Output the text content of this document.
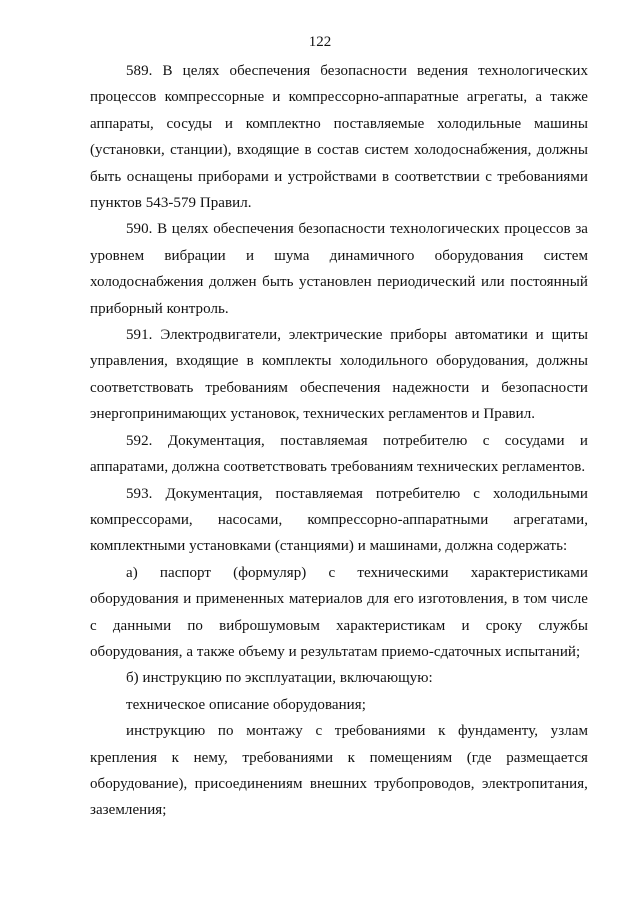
122

589. В целях обеспечения безопасности ведения технологических процессов компрессорные и компрессорно-аппаратные агрегаты, а также аппараты, сосуды и комплектно поставляемые холодильные машины (установки, станции), входящие в состав систем холодоснабжения, должны быть оснащены приборами и устройствами в соответствии с требованиями пунктов 543-579 Правил.

590. В целях обеспечения безопасности технологических процессов за уровнем вибрации и шума динамичного оборудования систем холодоснабжения должен быть установлен периодический или постоянный приборный контроль.

591. Электродвигатели, электрические приборы автоматики и щиты управления, входящие в комплекты холодильного оборудования, должны соответствовать требованиям обеспечения надежности и безопасности энергопринимающих установок, технических регламентов и Правил.

592. Документация, поставляемая потребителю с сосудами и аппаратами, должна соответствовать требованиям технических регламентов.

593. Документация, поставляемая потребителю с холодильными компрессорами, насосами, компрессорно-аппаратными агрегатами, комплектными установками (станциями) и машинами, должна содержать:

а) паспорт (формуляр) с техническими характеристиками оборудования и примененных материалов для его изготовления, в том числе с данными по виброшумовым характеристикам и сроку службы оборудования, а также объему и результатам приемо-сдаточных испытаний;

б) инструкцию по эксплуатации, включающую:

техническое описание оборудования;

инструкцию по монтажу с требованиями к фундаменту, узлам крепления к нему, требованиями к помещениям (где размещается оборудование), присоединениям внешних трубопроводов, электропитания, заземления;
